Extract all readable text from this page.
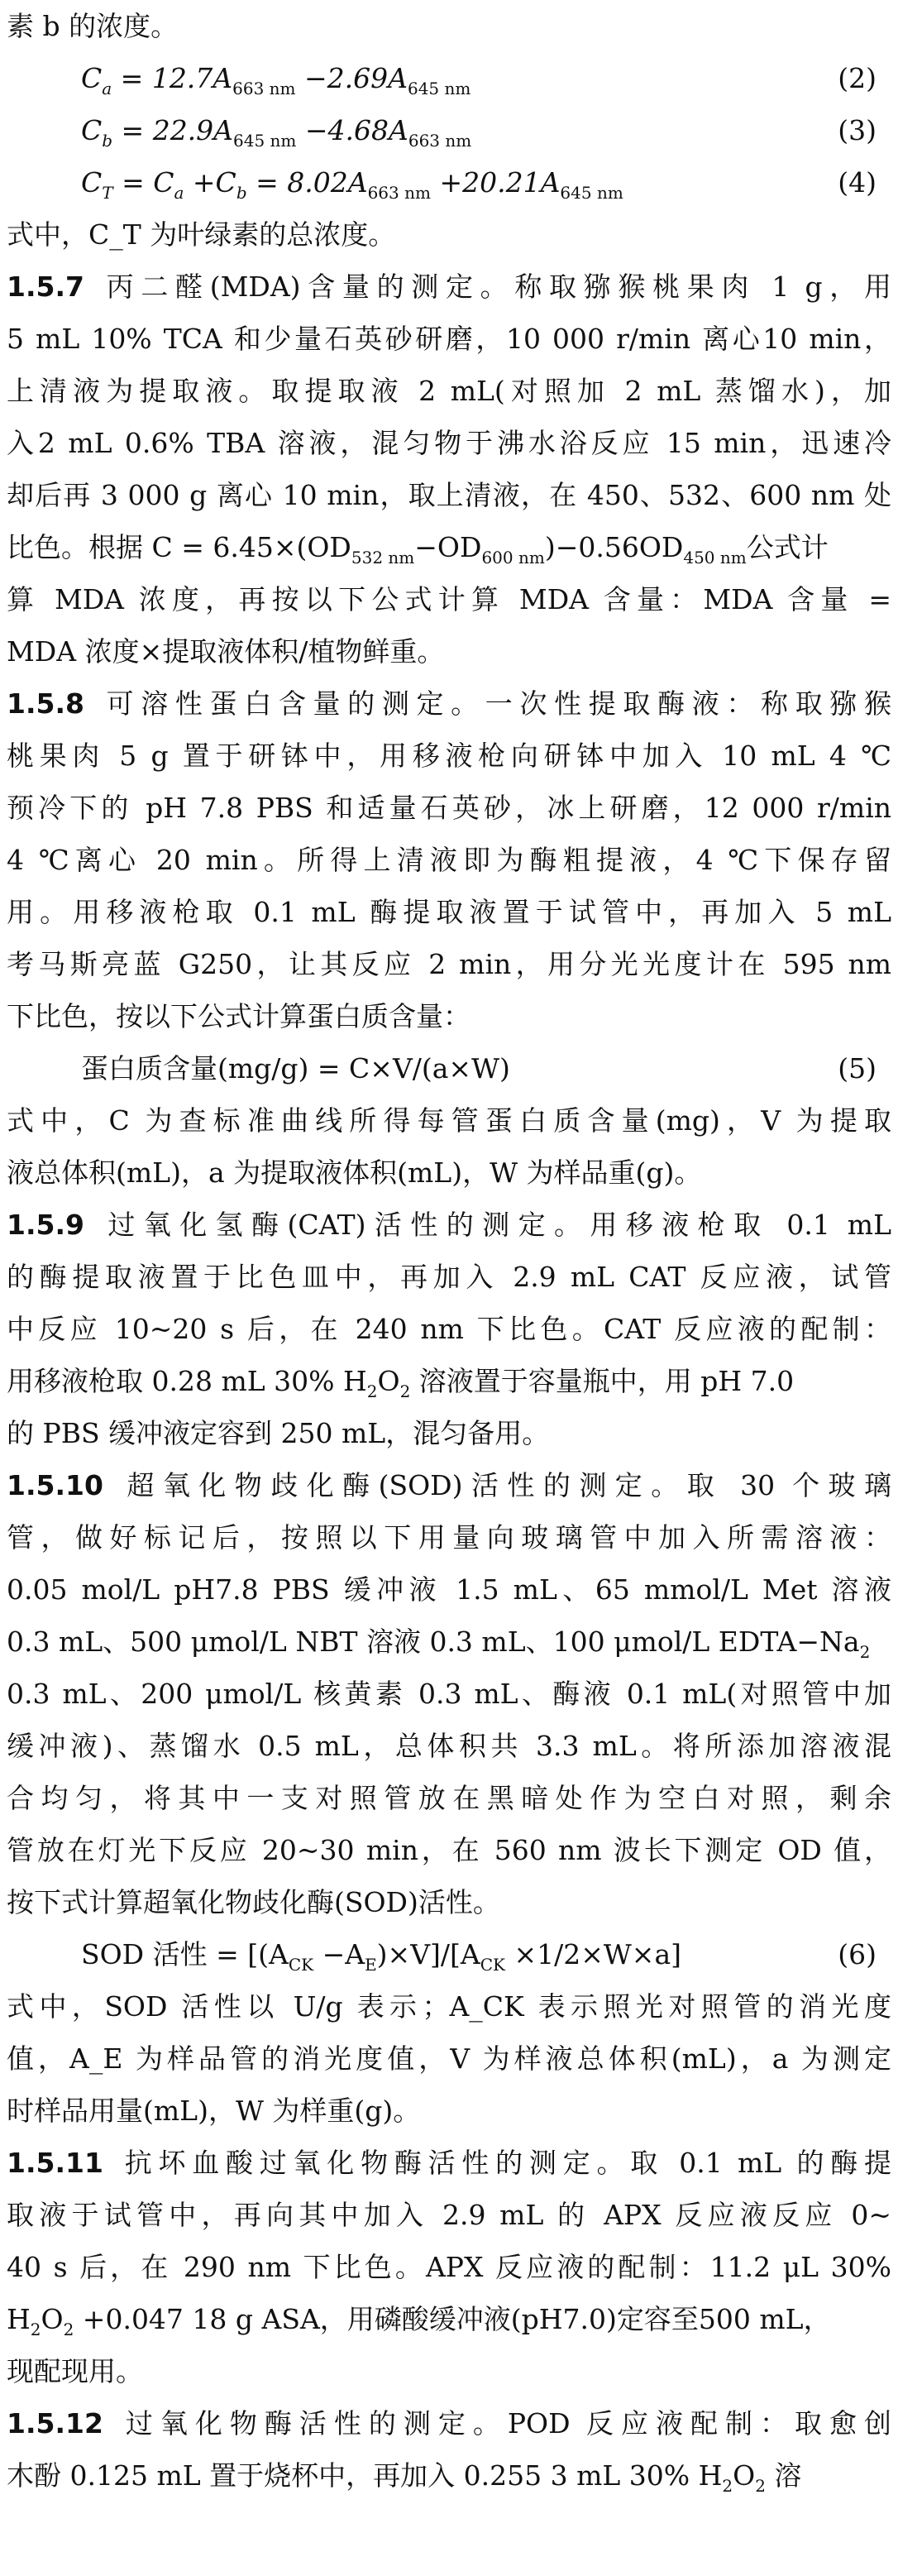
素 b 的浓度。
$C_a = 12.7A_{663 nm} -2.69A_{645 nm}$	(2)
$C_b = 22.9A_{645 nm} -4.68A_{663 nm}$	(3)
$C_T = C_a +C_b = 8.02A_{663 nm} +20.21A_{645 nm}$	(4)
式中，C_T 为叶绿素的总浓度。
1.5.7 丙二醛(MDA)含量的测定。称取猕猴桃果肉 1 g，用
5 mL 10% TCA 和少量石英砂研磨，10 000 r/min 离心10 min，
上清液为提取液。取提取液 2 mL(对照加 2 mL 蒸馏水)，加
入2 mL 0.6% TBA 溶液，混匀物于沸水浴反应 15 min，迅速冷
却后再 3 000 g 离心 10 min，取上清液，在 450、532、600 nm 处
比色。根据 $C = 6.45\times(OD_{532 nm}-OD_{600 nm})-0.56OD_{450 nm}$公式计
算 MDA 浓度，再按以下公式计算 MDA 含量：MDA 含量 =
MDA 浓度×提取液体积/植物鲜重。
1.5.8 可溶性蛋白含量的测定。一次性提取酶液：称取猕猴
桃果肉 5 g 置于研钵中，用移液枪向研钵中加入 10 mL 4 ℃
预冷下的 pH 7.8 PBS 和适量石英砂，冰上研磨，12 000 r/min
4 ℃离心 20 min。所得上清液即为酶粗提液，4 ℃下保存留
用。用移液枪取 0.1 mL 酶提取液置于试管中，再加入 5 mL
考马斯亮蓝 G250，让其反应 2 min，用分光光度计在 595 nm
下比色，按以下公式计算蛋白质含量：
蛋白质含量(mg/g) = C×V/(a×W)	(5)
式中，C 为查标准曲线所得每管蛋白质含量(mg)，V 为提取
液总体积(mL)，a 为提取液体积(mL)，W 为样品重(g)。
1.5.9 过氧化氢酶(CAT)活性的测定。用移液枪取 0.1 mL
的酶提取液置于比色皿中，再加入 2.9 mL CAT 反应液，试管
中反应 10~20 s 后，在 240 nm 下比色。CAT 反应液的配制：
用移液枪取 0.28 mL 30% $H_2O_2$ 溶液置于容量瓶中，用 pH 7.0
的 PBS 缓冲液定容到 250 mL，混匀备用。
1.5.10 超氧化物歧化酶(SOD)活性的测定。取 30 个玻璃
管，做好标记后，按照以下用量向玻璃管中加入所需溶液：
0.05 mol/L pH7.8 PBS 缓冲液 1.5 mL、65 mmol/L Met 溶液
0.3 mL、500 μmol/L NBT 溶液 0.3 mL、100 μmol/L $EDTA-Na_2$
0.3 mL、200 μmol/L 核黄素 0.3 mL、酶液 0.1 mL(对照管中加
缓冲液)、蒸馏水 0.5 mL，总体积共 3.3 mL。将所添加溶液混
合均匀，将其中一支对照管放在黑暗处作为空白对照，剩余
管放在灯光下反应 20~30 min，在 560 nm 波长下测定 OD 值，
按下式计算超氧化物歧化酶(SOD)活性。
SOD 活性 = $[(A_{CK} -A_E)\times V]/[A_{CK} \times 1/2\times W\times a]$	(6)
式中，SOD 活性以 U/g 表示；A_CK 表示照光对照管的消光度
值，A_E 为样品管的消光度值，V 为样液总体积(mL)，a 为测定
时样品用量(mL)，W 为样重(g)。
1.5.11 抗坏血酸过氧化物酶活性的测定。取 0.1 mL 的酶提
取液于试管中，再向其中加入 2.9 mL 的 APX 反应液反应 0~
40 s 后，在 290 nm 下比色。APX 反应液的配制：11.2 μL 30%
$H_2O_2 +0.047$ 18 g ASA，用磷酸缓冲液(pH7.0)定容至500 mL，
现配现用。
1.5.12 过氧化物酶活性的测定。POD 反应液配制：取愈创
木酚 0.125 mL 置于烧杯中，再加入 0.255 3 mL 30% $H_2O_2$ 溶
